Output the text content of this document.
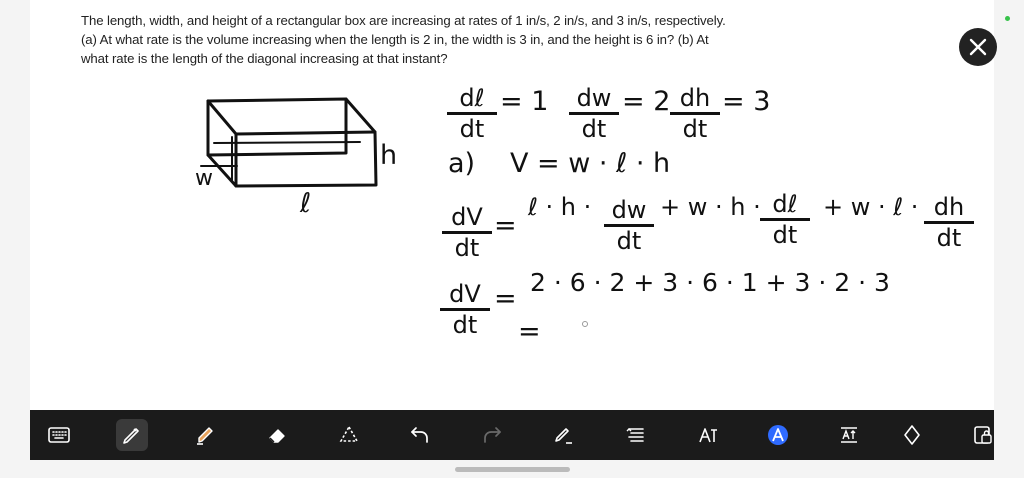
The length, width, and height of a rectangular box are increasing at rates of 1 in/s, 2 in/s, and 3 in/s, respectively.
(a) At what rate is the volume increasing when the length is 2 in, the width is 3 in, and the height is 6 in? (b) At
what rate is the length of the diagonal increasing at that instant?
w
h
ℓ
dℓ
dt
= $1 \frac{dw}{dt} = 2 \frac{dh}{dt} = 3$
a) V = w · ℓ · h
$\frac{dV}{dt}$ =
ℓ · $h \cdot \frac{dw}{dt} + w \cdot h$ · dℓ
dt
+ w · ℓ · $\frac{dh}{dt}$
$\frac{dV}{dt}$ =
2 · 6 · 2 + 3 · 6 · 1 + 3 · 2 · 3
=
